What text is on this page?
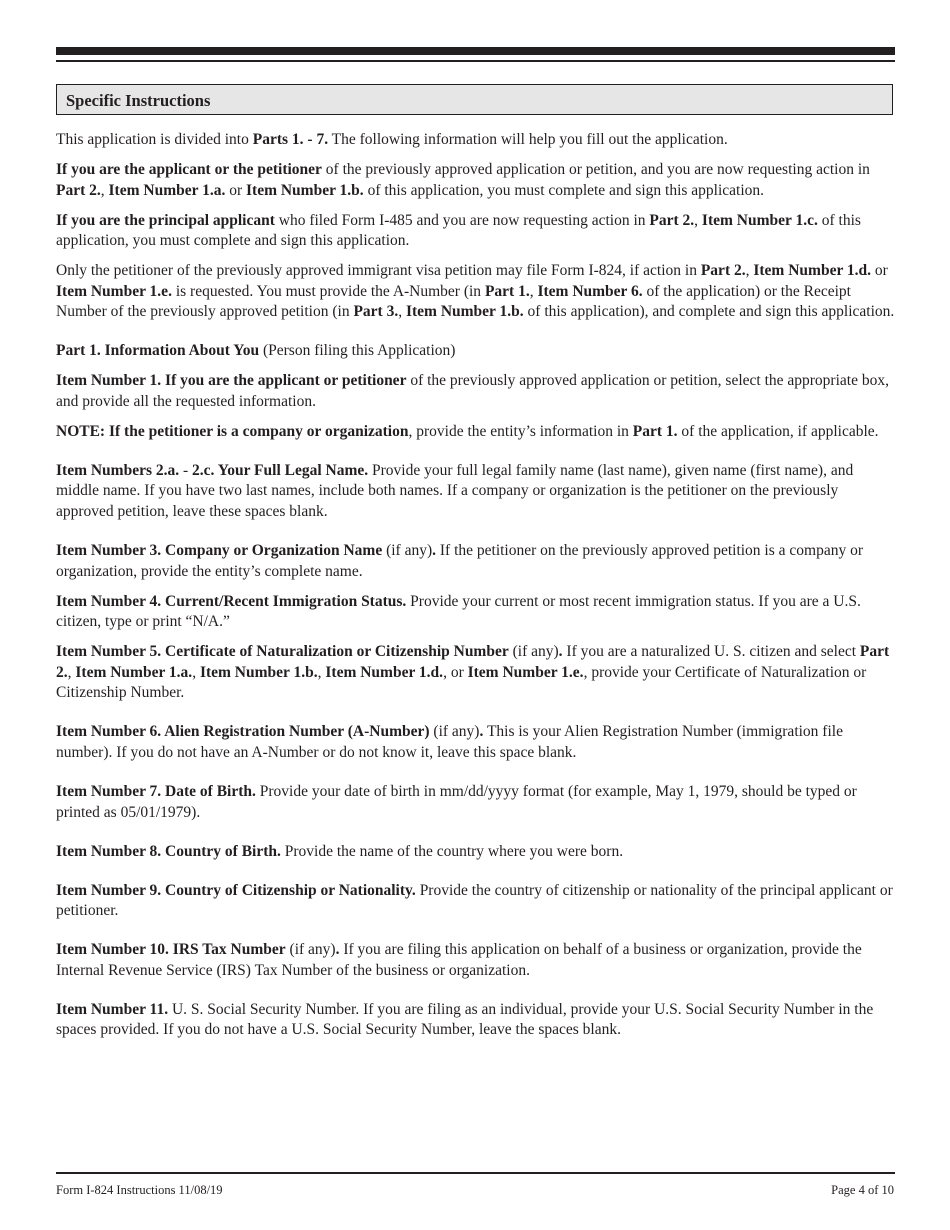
Specific Instructions

This application is divided into Parts 1. - 7. The following information will help you fill out the application.

If you are the applicant or the petitioner of the previously approved application or petition, and you are now requesting action in Part 2., Item Number 1.a. or Item Number 1.b. of this application, you must complete and sign this application.

If you are the principal applicant who filed Form I-485 and you are now requesting action in Part 2., Item Number 1.c. of this application, you must complete and sign this application.

Only the petitioner of the previously approved immigrant visa petition may file Form I-824, if action in Part 2., Item Number 1.d. or Item Number 1.e. is requested. You must provide the A-Number (in Part 1., Item Number 6. of the application) or the Receipt Number of the previously approved petition (in Part 3., Item Number 1.b. of this application), and complete and sign this application.

Part 1. Information About You (Person filing this Application)

Item Number 1. If you are the applicant or petitioner of the previously approved application or petition, select the appropriate box, and provide all the requested information.

NOTE: If the petitioner is a company or organization, provide the entity’s information in Part 1. of the application, if applicable.

Item Numbers 2.a. - 2.c. Your Full Legal Name. Provide your full legal family name (last name), given name (first name), and middle name. If you have two last names, include both names. If a company or organization is the petitioner on the previously approved petition, leave these spaces blank.

Item Number 3. Company or Organization Name (if any). If the petitioner on the previously approved petition is a company or organization, provide the entity’s complete name.

Item Number 4. Current/Recent Immigration Status. Provide your current or most recent immigration status. If you are a U.S. citizen, type or print “N/A.”

Item Number 5. Certificate of Naturalization or Citizenship Number (if any). If you are a naturalized U. S. citizen and select Part 2., Item Number 1.a., Item Number 1.b., Item Number 1.d., or Item Number 1.e., provide your Certificate of Naturalization or Citizenship Number.

Item Number 6. Alien Registration Number (A-Number) (if any). This is your Alien Registration Number (immigration file number). If you do not have an A-Number or do not know it, leave this space blank.

Item Number 7. Date of Birth. Provide your date of birth in mm/dd/yyyy format (for example, May 1, 1979, should be typed or printed as 05/01/1979).

Item Number 8. Country of Birth. Provide the name of the country where you were born.

Item Number 9. Country of Citizenship or Nationality. Provide the country of citizenship or nationality of the principal applicant or petitioner.

Item Number 10. IRS Tax Number (if any). If you are filing this application on behalf of a business or organization, provide the Internal Revenue Service (IRS) Tax Number of the business or organization.

Item Number 11. U. S. Social Security Number. If you are filing as an individual, provide your U.S. Social Security Number in the spaces provided. If you do not have a U.S. Social Security Number, leave the spaces blank.

Form I-824 Instructions 11/08/19	Page 4 of 10
